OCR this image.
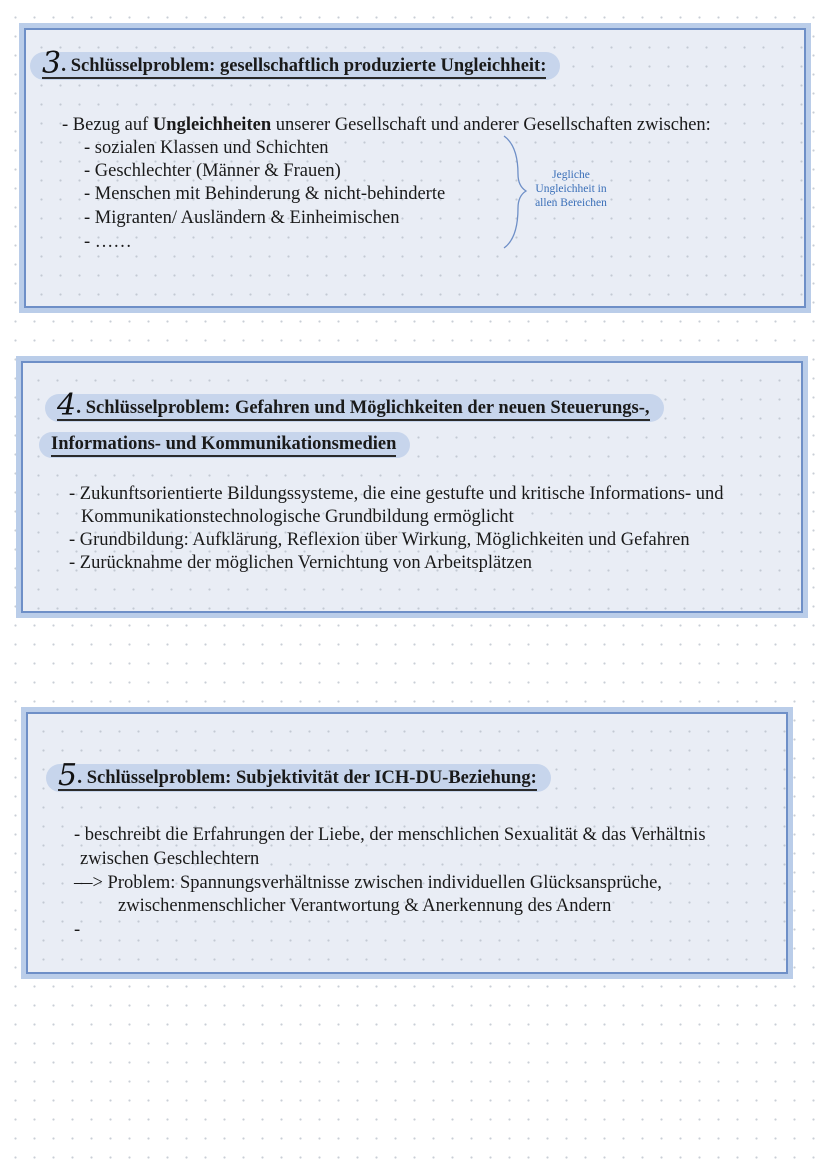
3. Schlüsselproblem: gesellschaftlich produzierte Ungleichheit:
- Bezug auf Ungleichheiten unserer Gesellschaft und anderer Gesellschaften zwischen:
- sozialen Klassen und Schichten
- Geschlechter (Männer & Frauen)
- Menschen mit Behinderung & nicht-behinderte
- Migranten/ Ausländern & Einheimischen
- ……
Jegliche
Ungleichheit in
allen Bereichen
4. Schlüsselproblem: Gefahren und Möglichkeiten der neuen Steuerungs-,
Informations- und Kommunikationsmedien
- Zukunftsorientierte Bildungssysteme, die eine gestufte und kritische Informations- und
Kommunikationstechnologische Grundbildung ermöglicht
- Grundbildung: Aufklärung, Reflexion über Wirkung, Möglichkeiten und Gefahren
- Zurücknahme der möglichen Vernichtung von Arbeitsplätzen
5. Schlüsselproblem: Subjektivität der ICH-DU-Beziehung:
- beschreibt die Erfahrungen der Liebe, der menschlichen Sexualität & das Verhältnis
zwischen Geschlechtern
—> Problem: Spannungsverhältnisse zwischen individuellen Glücksansprüche,
zwischenmenschlicher Verantwortung & Anerkennung des Andern
-
